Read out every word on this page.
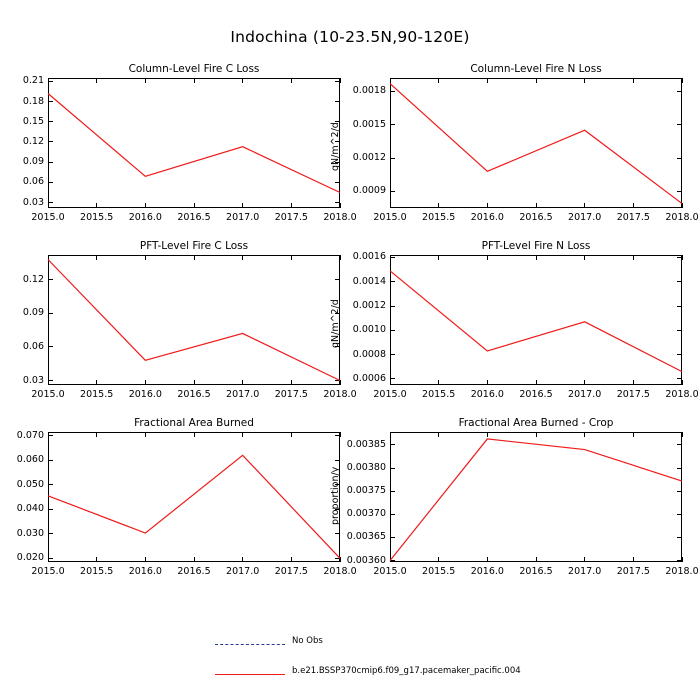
Indochina (10-23.5N,90-120E)
Column-Level Fire C Loss
0.03
0.06
0.09
0.12
0.15
0.18
0.21
2015.0	2015.5	2016.0	2016.5	2017.0	2017.5	2018.0
Column-Level Fire N Loss
0.0009
0.0012
0.0015
0.0018
2015.0	2015.5	2016.0	2016.5	2017.0	2017.5	2018.0
gN/m^2/d
PFT-Level Fire C Loss
0.03
0.06
0.09
0.12
2015.0	2015.5	2016.0	2016.5	2017.0	2017.5	2018.0
PFT-Level Fire N Loss
0.0006
0.0008
0.0010
0.0012
0.0014
0.0016
2015.0	2015.5	2016.0	2016.5	2017.0	2017.5	2018.0
gN/m^2/d
Fractional Area Burned
0.020
0.030
0.040
0.050
0.060
0.070
2015.0	2015.5	2016.0	2016.5	2017.0	2017.5	2018.0
Fractional Area Burned - Crop
0.00360
0.00365
0.00370
0.00375
0.00380
0.00385
2015.0	2015.5	2016.0	2016.5	2017.0	2017.5	2018.0
proportion/y
No Obs
b.e21.BSSP370cmip6.f09_g17.pacemaker_pacific.004
